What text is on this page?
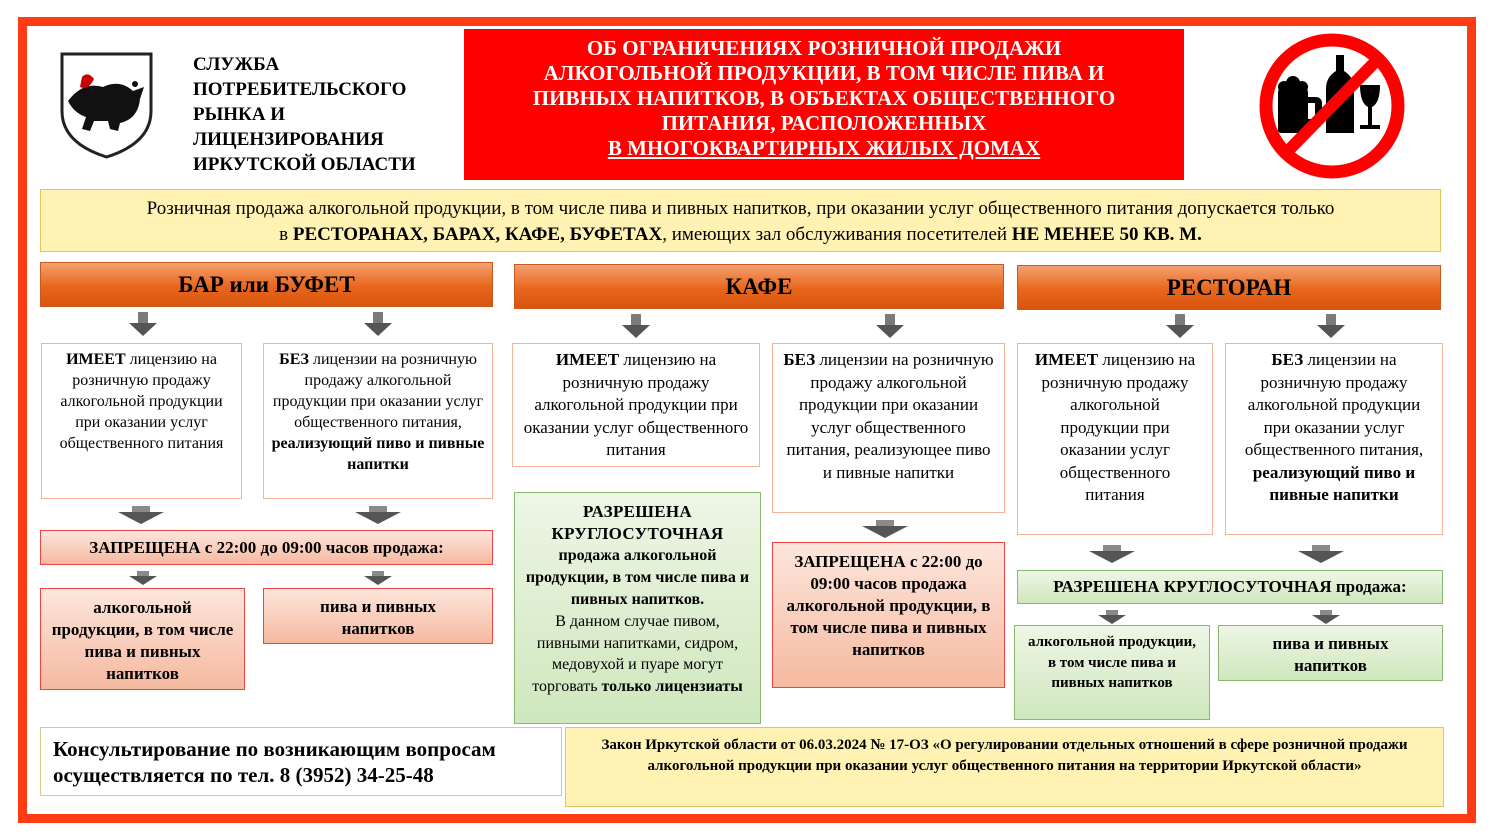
СЛУЖБА
ПОТРЕБИТЕЛЬСКОГО
РЫНКА И
ЛИЦЕНЗИРОВАНИЯ
ИРКУТСКОЙ ОБЛАСТИ
ОБ ОГРАНИЧЕНИЯХ РОЗНИЧНОЙ ПРОДАЖИ
АЛКОГОЛЬНОЙ ПРОДУКЦИИ, В ТОМ ЧИСЛЕ ПИВА И
ПИВНЫХ НАПИТКОВ, В ОБЪЕКТАХ ОБЩЕСТВЕННОГО
ПИТАНИЯ, РАСПОЛОЖЕННЫХ
В МНОГОКВАРТИРНЫХ ЖИЛЫХ ДОМАХ
Розничная продажа алкогольной продукции, в том числе пива и пивных напитков, при оказании услуг общественного питания допускается только
в РЕСТОРАНАХ, БАРАХ, КАФЕ, БУФЕТАХ, имеющих зал обслуживания посетителей НЕ МЕНЕЕ 50 КВ. М.
БАР или БУФЕТ
ИМЕЕТ лицензию на розничную продажу алкогольной продукции при оказании услуг общественного питания
БЕЗ лицензии на розничную продажу алкогольной продукции при оказании услуг общественного питания, реализующий пиво и пивные напитки
ЗАПРЕЩЕНА с 22:00 до 09:00 часов продажа:
алкогольной продукции, в том числе пива и пивных напитков
пива и пивных напитков
КАФЕ
ИМЕЕТ лицензию на розничную продажу алкогольной продукции при оказании услуг общественного питания
БЕЗ лицензии на розничную продажу алкогольной продукции при оказании услуг общественного питания, реализующее пиво и пивные напитки
РАЗРЕШЕНА КРУГЛОСУТОЧНАЯ
продажа алкогольной продукции, в том числе пива и пивных напитков.
В данном случае пивом, пивными напитками, сидром, медовухой и пуаре могут торговать только лицензиаты
ЗАПРЕЩЕНА с 22:00 до 09:00 часов продажа алкогольной продукции, в том числе пива и пивных напитков
РЕСТОРАН
ИМЕЕТ лицензию на розничную продажу алкогольной продукции при оказании услуг общественного питания
БЕЗ лицензии на розничную продажу алкогольной продукции при оказании услуг общественного питания, реализующий пиво и пивные напитки
РАЗРЕШЕНА КРУГЛОСУТОЧНАЯ продажа:
алкогольной продукции, в том числе пива и пивных напитков
пива и пивных напитков
Консультирование по возникающим вопросам
осуществляется по тел. 8 (3952) 34-25-48
Закон Иркутской области от 06.03.2024 № 17-ОЗ «О регулировании отдельных отношений в сфере розничной продажи алкогольной продукции при оказании услуг общественного питания на территории Иркутской области»
